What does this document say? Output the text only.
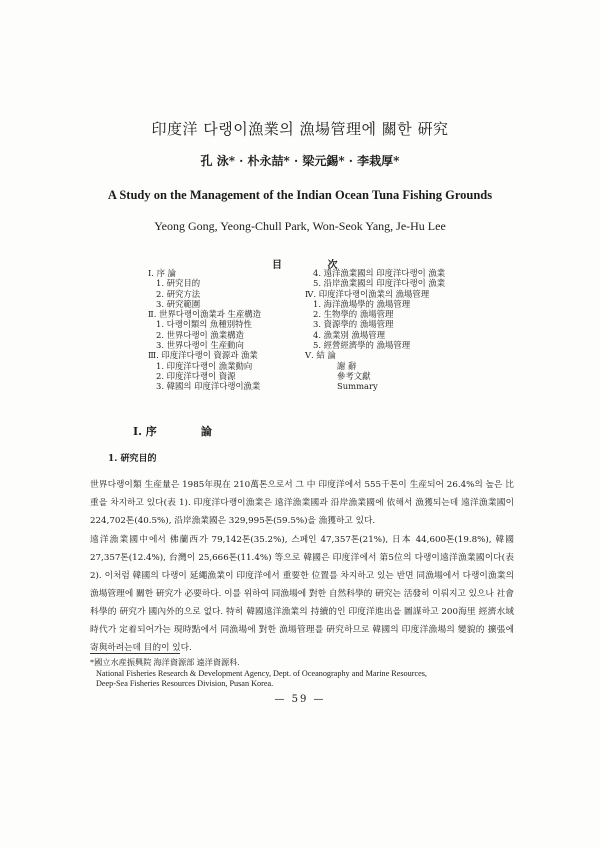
印度洋 다랭이漁業의 漁場管理에 關한 硏究
孔 泳* · 朴永喆* · 梁元錫* · 李栽厚*
A Study on the Management of the Indian Ocean Tuna Fishing Grounds
Yeong Gong, Yeong-Chull Park, Won-Seok Yang, Je-Hu Lee
目 次
Ⅰ. 序 論
1. 硏究目的
2. 硏究方法
3. 硏究範圍
Ⅱ. 世界다랭이漁業과 生産構造
1. 다랭이類의 魚種別特性
2. 世界다랭이 漁業構造
3. 世界다랭이 生産動向
Ⅲ. 印度洋다랭이 資源과 漁業
1. 印度洋다랭이 漁業動向
2. 印度洋다랭이 資源
3. 韓國의 印度洋다랭이漁業
4. 遠洋漁業國의 印度洋다랭이 漁業
5. 沿岸漁業國의 印度洋다랭이 漁業
Ⅳ. 印度洋다랭이漁業의 漁場管理
1. 海洋漁場學的 漁場管理
2. 生物學的 漁場管理
3. 資源學的 漁場管理
4. 漁業別 漁場管理
5. 經營經濟學的 漁場管理
Ⅴ. 結 論
謝 辭
參考文獻
Summary
Ⅰ. 序	論
1. 硏究目的
世界다랭이類 生産量은 1985年現在 210萬톤으로서 그 中 印度洋에서 555千톤이 生産되어 26.4%의 높은 比重을 차지하고 있다(表 1). 印度洋다랭이漁業은 遠洋漁業國과 沿岸漁業國에 依해서 漁獲되는데 遠洋漁業國이 224,702톤(40.5%), 沿岸漁業國은 329,995톤(59.5%)을 漁獲하고 있다.
遠洋漁業國中에서 佛蘭西가 79,142톤(35.2%), 스페인 47,357톤(21%), 日本 44,600톤(19.8%), 韓國 27,357톤(12.4%), 台灣이 25,666톤(11.4%) 等으로 韓國은 印度洋에서 第5位의 다랭이遠洋漁業國이다(表 2). 이처럼 韓國의 다랭이 延繩漁業이 印度洋에서 重要한 位置를 차지하고 있는 반면 同漁場에서 다랭이漁業의 漁場管理에 關한 硏究가 必要하다. 이를 위하여 同漁場에 對한 自然科學的 硏究는 活發히 이뤄지고 있으나 社會科學的 硏究가 國內外的으로 없다. 特히 韓國遠洋漁業의 持續的인 印度洋進出을 圖謀하고 200海里 經濟水域時代가 定着되어가는 現時點에서 同漁場에 對한 漁場管理를 硏究하므로 韓國의 印度洋漁場의 變貌的 擴張에 寄與하려는데 目的이 있다.
*國立水産振興院 海洋資源部 遠洋資源科.
National Fisheries Research & Development Agency, Dept. of Oceanography and Marine Resources,
Deep-Sea Fisheries Resources Division, Pusan Korea.
— 59 —
